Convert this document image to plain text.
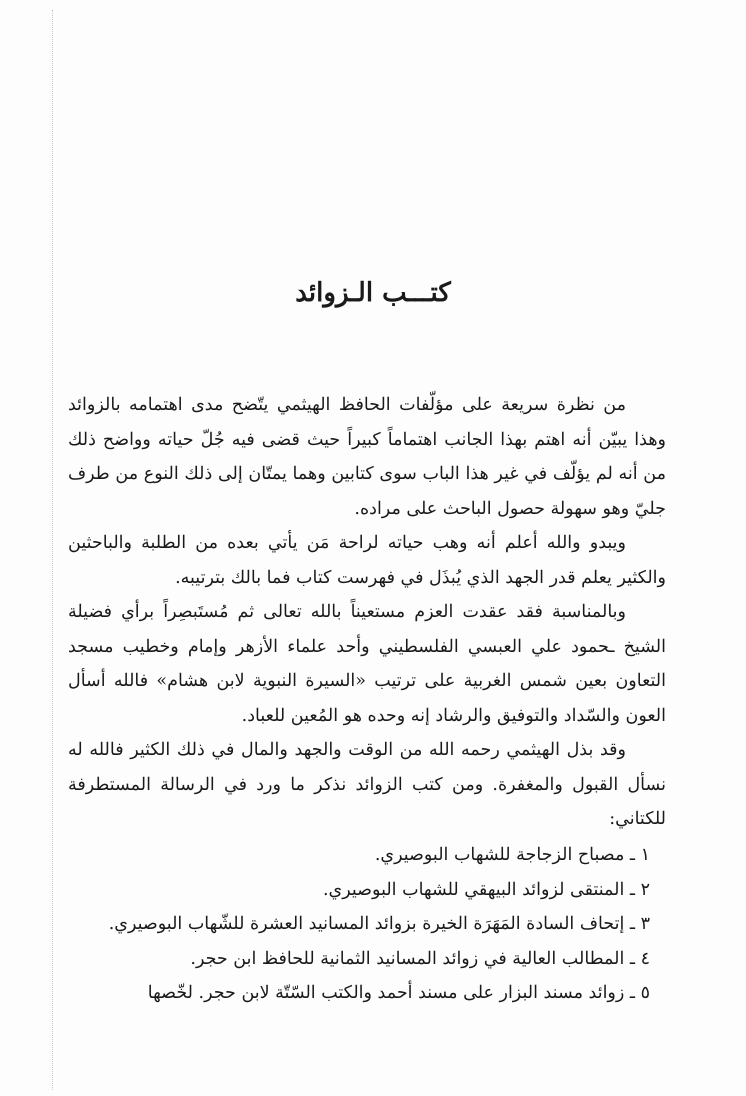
كتـــب الـزوائد

من نظرة سريعة على مؤلّفات الحافظ الهيثمي يتّضح مدى اهتمامه بالزوائد وهذا يبيّن أنه اهتم بهذا الجانب اهتماماً كبيراً حيث قضى فيه جُلّ حياته وواضح ذلك من أنه لم يؤلّف في غير هذا الباب سوى كتابين وهما يمتّان إلى ذلك النوع من طرف جليّ وهو سهولة حصول الباحث على مراده.

ويبدو والله أعلم أنه وهب حياته لراحة مَن يأتي بعده من الطلبة والباحثين والكثير يعلم قدر الجهد الذي يُبذَل في فهرست كتاب فما بالك بترتيبه.

وبالمناسبة فقد عقدت العزم مستعيناً بالله تعالى ثم مُستَبصِراً برأي فضيلة الشيخ ـحمود علي العبسي الفلسطيني وأحد علماء الأزهر وإمام وخطيب مسجد التعاون بعين شمس الغربية على ترتيب «السيرة النبوية لابن هشام» فالله أسأل العون والسّداد والتوفيق والرشاد إنه وحده هو المُعين للعباد.

وقد بذل الهيثمي رحمه الله من الوقت والجهد والمال في ذلك الكثير فالله له نسأل القبول والمغفرة. ومن كتب الزوائد نذكر ما ورد في الرسالة المستطرفة للكتاني:

١ ـ مصباح الزجاجة للشهاب البوصيري.
٢ ـ المنتقى لزوائد البيهقي للشهاب البوصيري.
٣ ـ إتحاف السادة المَهَرَة الخيرة بزوائد المسانيد العشرة للشّهاب البوصيري.
٤ ـ المطالب العالية في زوائد المسانيد الثمانية للحافظ ابن حجر.
٥ ـ زوائد مسند البزار على مسند أحمد والكتب السّتّة لابن حجر. لخّصها
